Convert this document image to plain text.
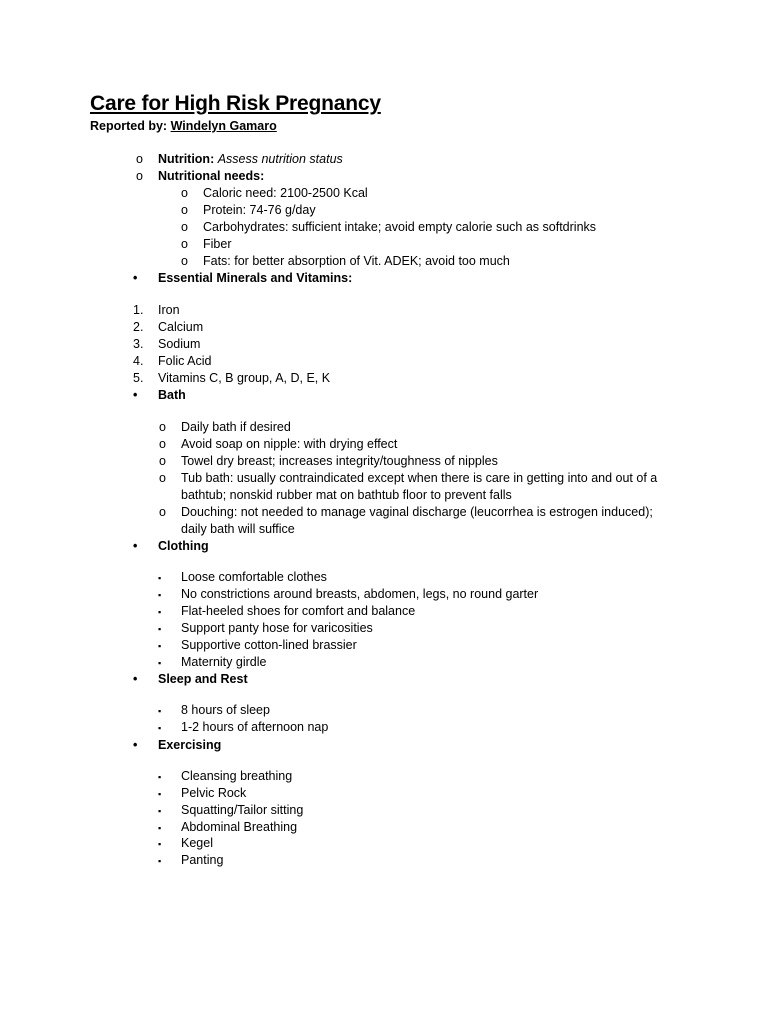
Care for High Risk Pregnancy
Reported by: Windelyn Gamaro
o Nutrition: Assess nutrition status
o Nutritional needs:
o Caloric need: 2100-2500 Kcal
o Protein: 74-76 g/day
o Carbohydrates: sufficient intake; avoid empty calorie such as softdrinks
o Fiber
o Fats: for better absorption of Vit. ADEK; avoid too much
• Essential Minerals and Vitamins:
1. Iron
2. Calcium
3. Sodium
4. Folic Acid
5. Vitamins C, B group, A, D, E, K
• Bath
o Daily bath if desired
o Avoid soap on nipple: with drying effect
o Towel dry breast; increases integrity/toughness of nipples
o Tub bath: usually contraindicated except when there is care in getting into and out of a
bathtub; nonskid rubber mat on bathtub floor to prevent falls
o Douching: not needed to manage vaginal discharge (leucorrhea is estrogen induced);
daily bath will suffice
• Clothing
▪ Loose comfortable clothes
▪ No constrictions around breasts, abdomen, legs, no round garter
▪ Flat-heeled shoes for comfort and balance
▪ Support panty hose for varicosities
▪ Supportive cotton-lined brassier
▪ Maternity girdle
• Sleep and Rest
▪ 8 hours of sleep
▪ 1-2 hours of afternoon nap
• Exercising
▪ Cleansing breathing
▪ Pelvic Rock
▪ Squatting/Tailor sitting
▪ Abdominal Breathing
▪ Kegel
▪ Panting
